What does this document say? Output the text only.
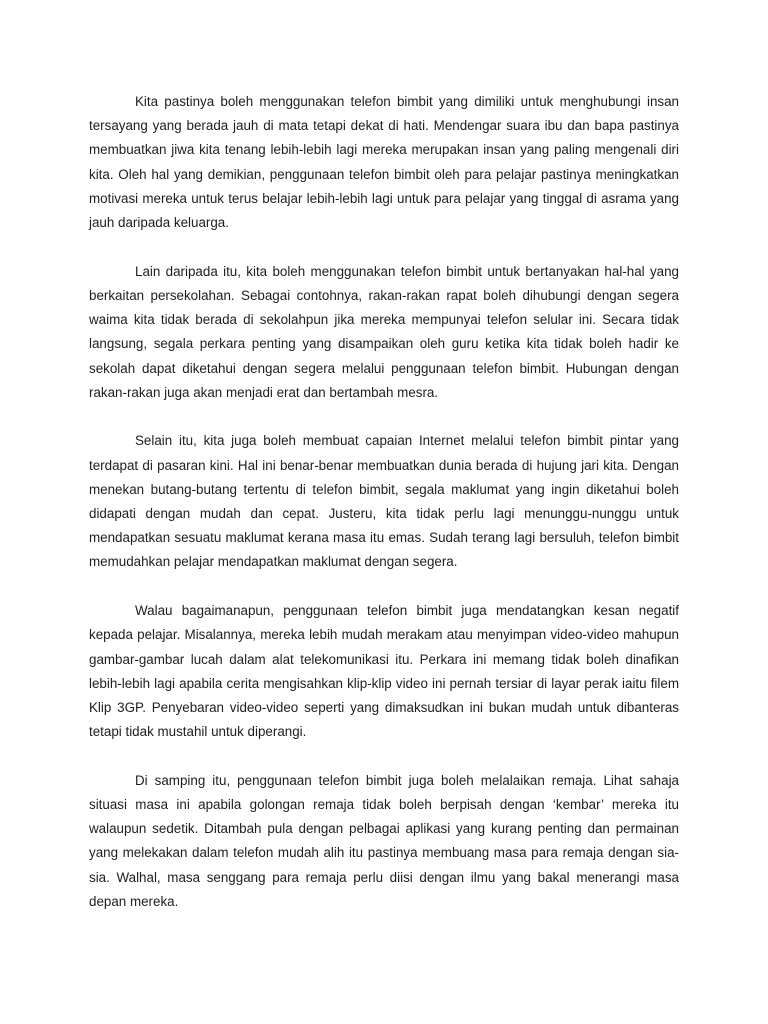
Kita pastinya boleh menggunakan telefon bimbit yang dimiliki untuk menghubungi insan tersayang yang berada jauh di mata tetapi dekat di hati. Mendengar suara ibu dan bapa pastinya membuatkan jiwa kita tenang lebih-lebih lagi mereka merupakan insan yang paling mengenali diri kita. Oleh hal yang demikian, penggunaan telefon bimbit oleh para pelajar pastinya meningkatkan motivasi mereka untuk terus belajar lebih-lebih lagi untuk para pelajar yang tinggal di asrama yang jauh daripada keluarga.

Lain daripada itu, kita boleh menggunakan telefon bimbit untuk bertanyakan hal-hal yang berkaitan persekolahan. Sebagai contohnya, rakan-rakan rapat boleh dihubungi dengan segera waima kita tidak berada di sekolahpun jika mereka mempunyai telefon selular ini. Secara tidak langsung, segala perkara penting yang disampaikan oleh guru ketika kita tidak boleh hadir ke sekolah dapat diketahui dengan segera melalui penggunaan telefon bimbit. Hubungan dengan rakan-rakan juga akan menjadi erat dan bertambah mesra.

Selain itu, kita juga boleh membuat capaian Internet melalui telefon bimbit pintar yang terdapat di pasaran kini. Hal ini benar-benar membuatkan dunia berada di hujung jari kita. Dengan menekan butang-butang tertentu di telefon bimbit, segala maklumat yang ingin diketahui boleh didapati dengan mudah dan cepat. Justeru, kita tidak perlu lagi menunggu-nunggu untuk mendapatkan sesuatu maklumat kerana masa itu emas. Sudah terang lagi bersuluh, telefon bimbit memudahkan pelajar mendapatkan maklumat dengan segera.

Walau bagaimanapun, penggunaan telefon bimbit juga mendatangkan kesan negatif kepada pelajar. Misalannya, mereka lebih mudah merakam atau menyimpan video-video mahupun gambar-gambar lucah dalam alat telekomunikasi itu. Perkara ini memang tidak boleh dinafikan lebih-lebih lagi apabila cerita mengisahkan klip-klip video ini pernah tersiar di layar perak iaitu filem Klip 3GP. Penyebaran video-video seperti yang dimaksudkan ini bukan mudah untuk dibanteras tetapi tidak mustahil untuk diperangi.

Di samping itu, penggunaan telefon bimbit juga boleh melalaikan remaja. Lihat sahaja situasi masa ini apabila golongan remaja tidak boleh berpisah dengan ‘kembar’ mereka itu walaupun sedetik. Ditambah pula dengan pelbagai aplikasi yang kurang penting dan permainan yang melekakan dalam telefon mudah alih itu pastinya membuang masa para remaja dengan sia-sia. Walhal, masa senggang para remaja perlu diisi dengan ilmu yang bakal menerangi masa depan mereka.
